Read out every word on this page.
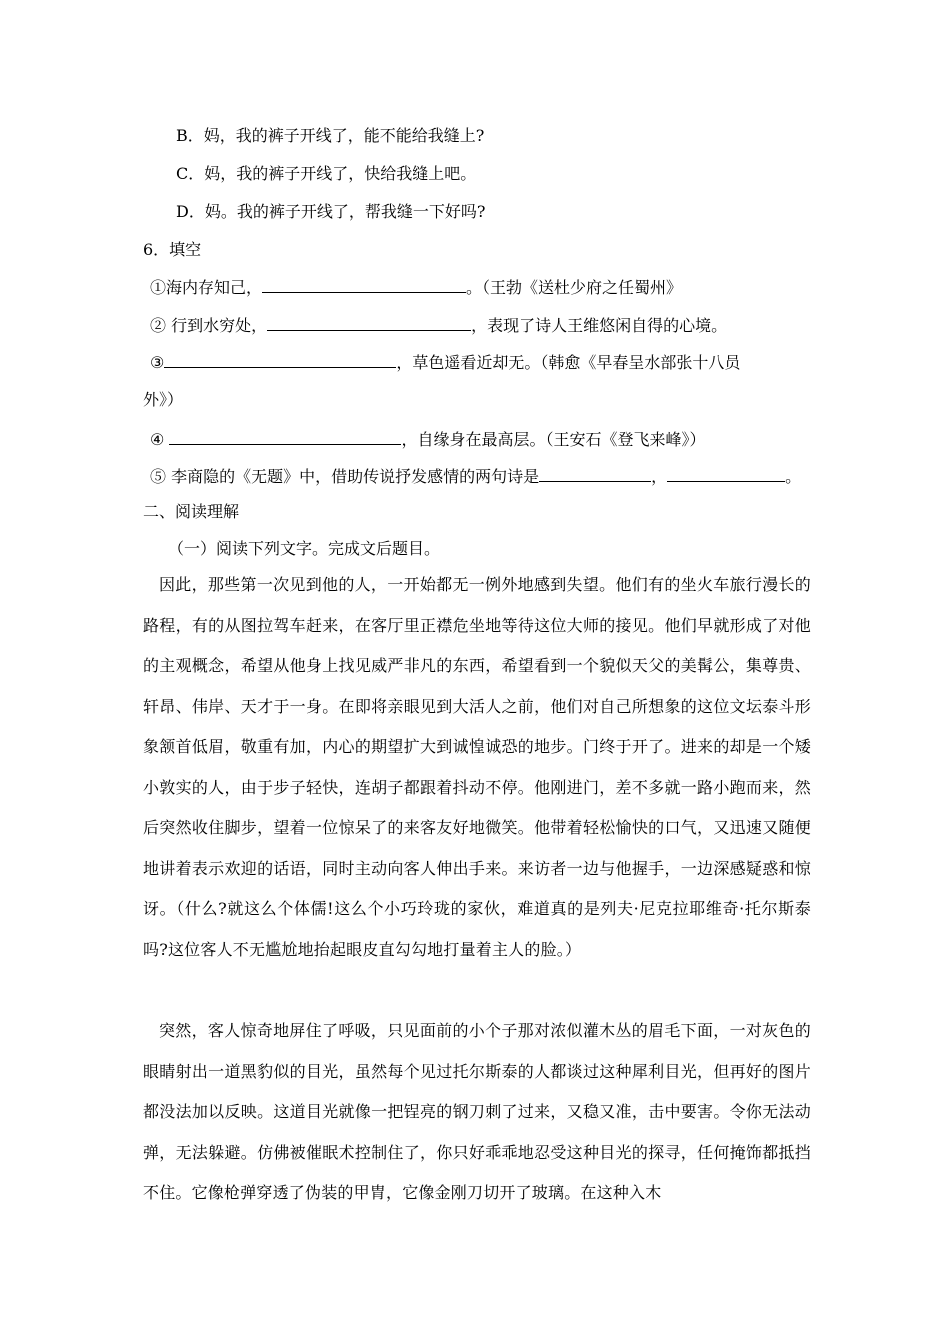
B．妈，我的裤子开线了，能不能给我缝上?
C．妈，我的裤子开线了，快给我缝上吧。
D．妈。我的裤子开线了，帮我缝一下好吗?
6．填空
①海内存知己，	。（王勃《送杜少府之任蜀州》
② 行到水穷处，	，表现了诗人王维悠闲自得的心境。
③	，草色遥看近却无。（韩愈《早春呈水部张十八员
外》）
④	，自缘身在最高层。（王安石《登飞来峰》）
⑤ 李商隐的《无题》中，借助传说抒发感情的两句诗是	，	。
二、阅读理解
（一）阅读下列文字。完成文后题目。
因此，那些第一次见到他的人，一开始都无一例外地感到失望。他们有的坐火车旅行漫长的路程，有的从图拉驾车赶来，在客厅里正襟危坐地等待这位大师的接见。他们早就形成了对他的主观概念，希望从他身上找见威严非凡的东西，希望看到一个貌似天父的美髯公，集尊贵、轩昂、伟岸、天才于一身。在即将亲眼见到大活人之前，他们对自己所想象的这位文坛泰斗形象颔首低眉，敬重有加，内心的期望扩大到诚惶诚恐的地步。门终于开了。进来的却是一个矮小敦实的人，由于步子轻快，连胡子都跟着抖动不停。他刚进门，差不多就一路小跑而来，然后突然收住脚步，望着一位惊呆了的来客友好地微笑。他带着轻松愉快的口气，又迅速又随便地讲着表示欢迎的话语，同时主动向客人伸出手来。来访者一边与他握手，一边深感疑惑和惊讶。（什么?就这么个体儒!这么个小巧玲珑的家伙，难道真的是列夫·尼克拉耶维奇·托尔斯泰吗?这位客人不无尴尬地抬起眼皮直勾勾地打量着主人的脸。）
突然，客人惊奇地屏住了呼吸，只见面前的小个子那对浓似灌木丛的眉毛下面，一对灰色的眼睛射出一道黑豹似的目光，虽然每个见过托尔斯泰的人都谈过这种犀利目光，但再好的图片都没法加以反映。这道目光就像一把锃亮的钢刀刺了过来，又稳又准，击中要害。令你无法动弹，无法躲避。仿佛被催眠术控制住了，你只好乖乖地忍受这种目光的探寻，任何掩饰都抵挡不住。它像枪弹穿透了伪装的甲胄，它像金刚刀切开了玻璃。在这种入木
